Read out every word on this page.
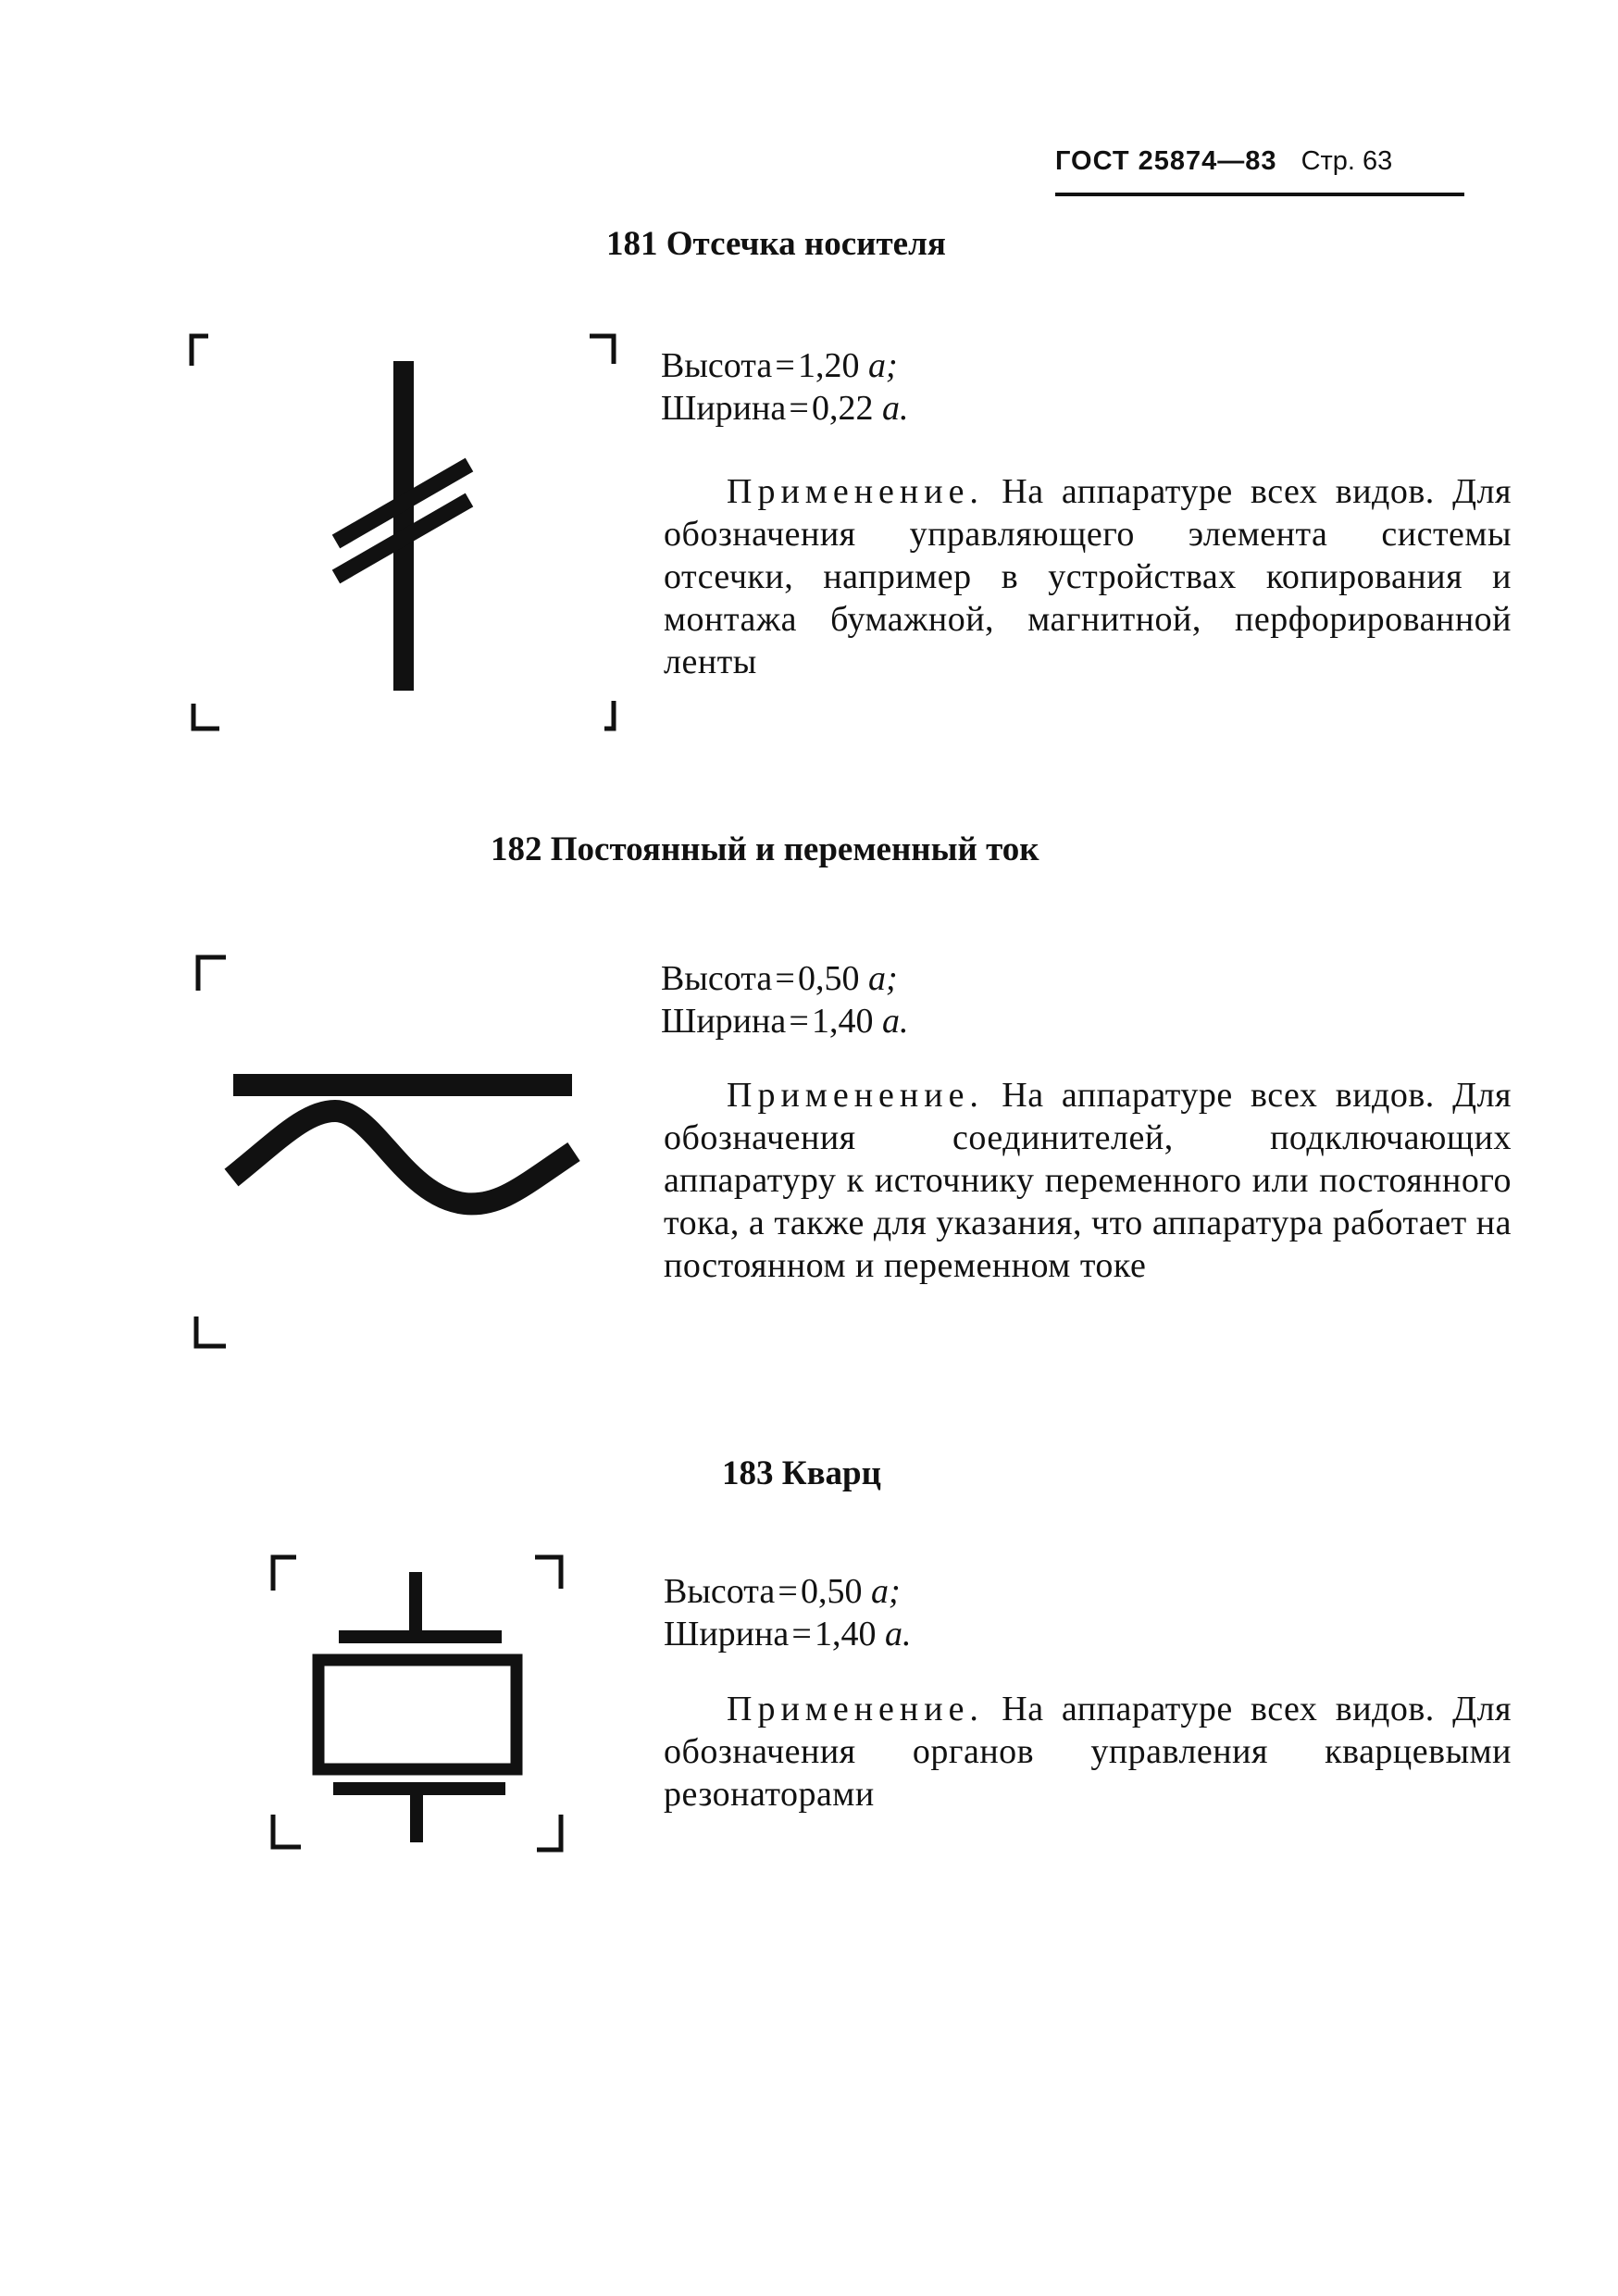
ГОСТ 25874—83 Стр. 63
181 Отсечка носителя
Высота = 1,20 a;
Ширина = 0,22 a.
Применение. На аппаратуре всех видов. Для обозначения управляющего элемента системы отсечки, например в устройствах копирования и монтажа бумажной, магнитной, перфорированной ленты
182 Постоянный и переменный ток
Высота = 0,50 a;
Ширина = 1,40 a.
Применение. На аппаратуре всех видов. Для обозначения соединителей, подключающих аппаратуру к источнику переменного или постоянного тока, а также для указания, что аппаратура работает на постоянном и переменном токе
183 Кварц
Высота = 0,50 a;
Ширина = 1,40 a.
Применение. На аппаратуре всех видов. Для обозначения органов управления кварцевыми резонаторами
